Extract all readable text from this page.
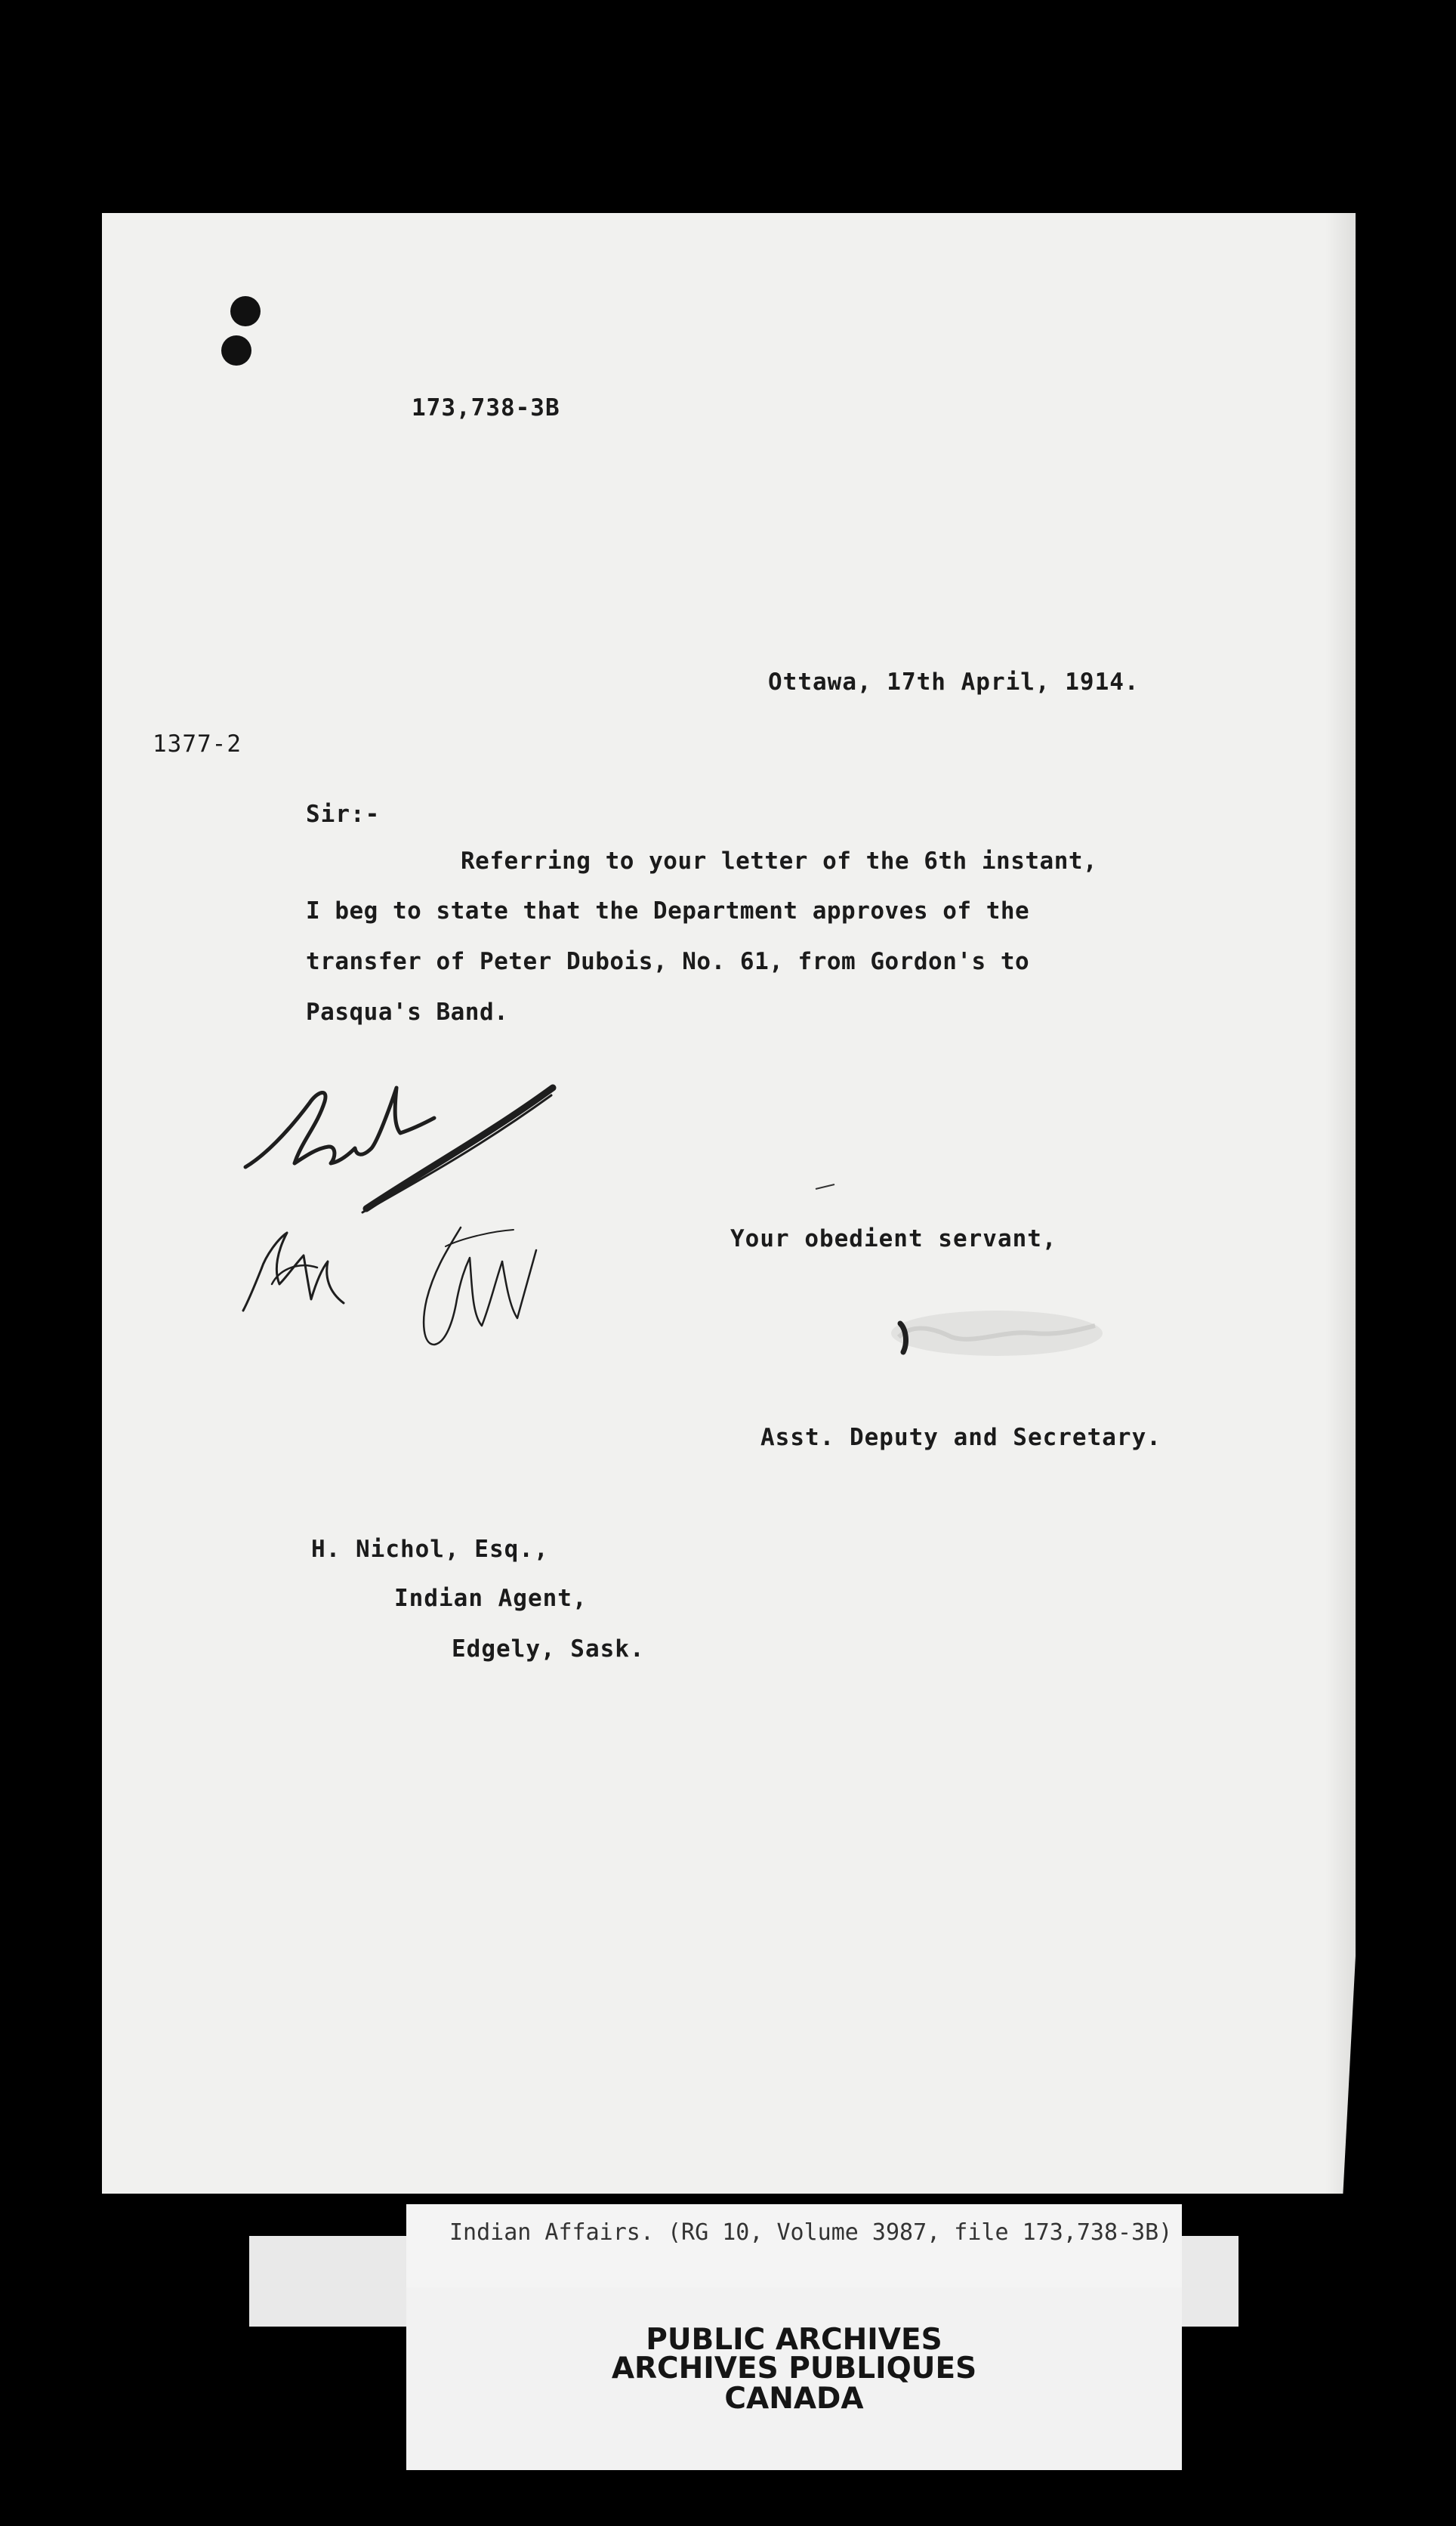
173,738-3B
Ottawa, 17th April, 1914.
1377-2
Sir:-
Referring to your letter of the 6th instant,
I beg to state that the Department approves of the
transfer of Peter Dubois, No. 61, from Gordon's to
Pasqua's Band.
Your obedient servant,
Asst. Deputy and Secretary.
H. Nichol, Esq.,
Indian Agent,
Edgely, Sask.
Indian Affairs. (RG 10, Volume 3987, file 173,738-3B)
PUBLIC ARCHIVES
ARCHIVES PUBLIQUES
CANADA
